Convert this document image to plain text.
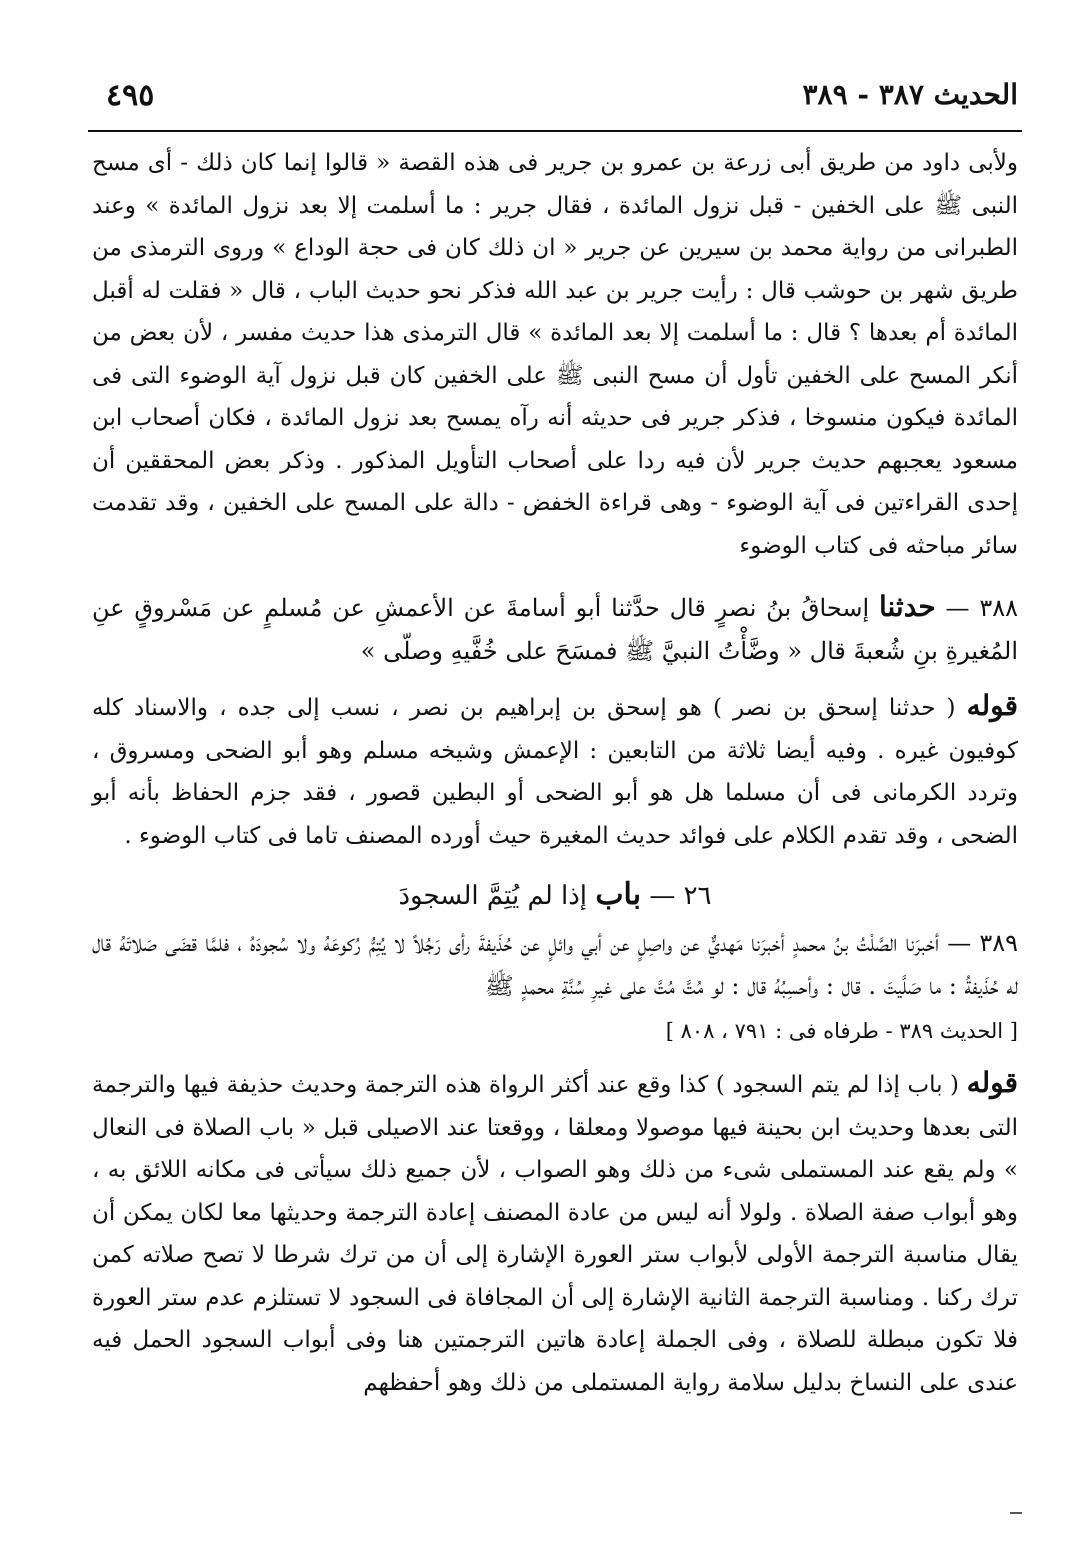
الحديث ٣٨٧ - ٣٨٩
٤٩٥

ولأبى داود من طريق أبى زرعة بن عمرو بن جرير فى هذه القصة « قالوا إنما كان ذلك - أى مسح النبى ﷺ على الخفين - قبل نزول المائدة ، فقال جرير : ما أسلمت إلا بعد نزول المائدة » وعند الطبرانى من رواية محمد بن سيرين عن جرير « ان ذلك كان فى حجة الوداع » وروى الترمذى من طريق شهر بن حوشب قال : رأيت جرير بن عبد الله فذكر نحو حديث الباب ، قال « فقلت له أقبل المائدة أم بعدها ؟ قال : ما أسلمت إلا بعد المائدة » قال الترمذى هذا حديث مفسر ، لأن بعض من أنكر المسح على الخفين تأول أن مسح النبى ﷺ على الخفين كان قبل نزول آية الوضوء التى فى المائدة فيكون منسوخا ، فذكر جرير فى حديثه أنه رآه يمسح بعد نزول المائدة ، فكان أصحاب ابن مسعود يعجبهم حديث جرير لأن فيه ردا على أصحاب التأويل المذكور . وذكر بعض المحققين أن إحدى القراءتين فى آية الوضوء - وهى قراءة الخفض - دالة على المسح على الخفين ، وقد تقدمت سائر مباحثه فى كتاب الوضوء

٣٨٨ — حدثنا إسحاقُ بنُ نصرٍ قال حدَّثنا أبو أسامةَ عن الأعمشِ عن مُسلمٍ عن مَسْروقٍ عنِ المُغيرةِ بنِ شُعبةَ قال « وضَّأْتُ النبيَّ ﷺ فمسَحَ على خُفَّيهِ وصلّى »

قوله ( حدثنا إسحق بن نصر ) هو إسحق بن إبراهيم بن نصر ، نسب إلى جده ، والاسناد كله كوفيون غيره . وفيه أيضا ثلاثة من التابعين : الإعمش وشيخه مسلم وهو أبو الضحى ومسروق ، وتردد الكرمانى فى أن مسلما هل هو أبو الضحى أو البطين قصور ، فقد جزم الحفاظ بأنه أبو الضحى ، وقد تقدم الكلام على فوائد حديث المغيرة حيث أورده المصنف تاما فى كتاب الوضوء .

٢٦ — باب إذا لم يُتِمَّ السجودَ

٣٨٩ — أخبرَنا الصَّلْتُ بنُ محمدٍ أخبرَنا مَهديٌّ عن واصِلٍ عن أبي وائلٍ عن حُذَيفةَ رأى رَجُلاً لا يُتِمُّ رُكوعَهُ ولا سُجودَهُ ، فلمَّا قضَى صَلاتَهُ قال له حُذَيفةُ : ما صَلَّيتَ . قال : وأحسِبُهُ قال : لو مُتَّ مُتَّ على غيرِ سُنَّةِ محمدٍ ﷺ

[ الحديث ٣٨٩ - طرفاه فى : ٧٩١ ، ٨٠٨ ]

قوله ( باب إذا لم يتم السجود ) كذا وقع عند أكثر الرواة هذه الترجمة وحديث حذيفة فيها والترجمة التى بعدها وحديث ابن بحينة فيها موصولا ومعلقا ، ووقعتا عند الاصيلى قبل « باب الصلاة فى النعال » ولم يقع عند المستملى شىء من ذلك وهو الصواب ، لأن جميع ذلك سيأتى فى مكانه اللائق به ، وهو أبواب صفة الصلاة . ولولا أنه ليس من عادة المصنف إعادة الترجمة وحديثها معا لكان يمكن أن يقال مناسبة الترجمة الأولى لأبواب ستر العورة الإشارة إلى أن من ترك شرطا لا تصح صلاته كمن ترك ركنا . ومناسبة الترجمة الثانية الإشارة إلى أن المجافاة فى السجود لا تستلزم عدم ستر العورة فلا تكون مبطلة للصلاة ، وفى الجملة إعادة هاتين الترجمتين هنا وفى أبواب السجود الحمل فيه عندى على النساخ بدليل سلامة رواية المستملى من ذلك وهو أحفظهم
